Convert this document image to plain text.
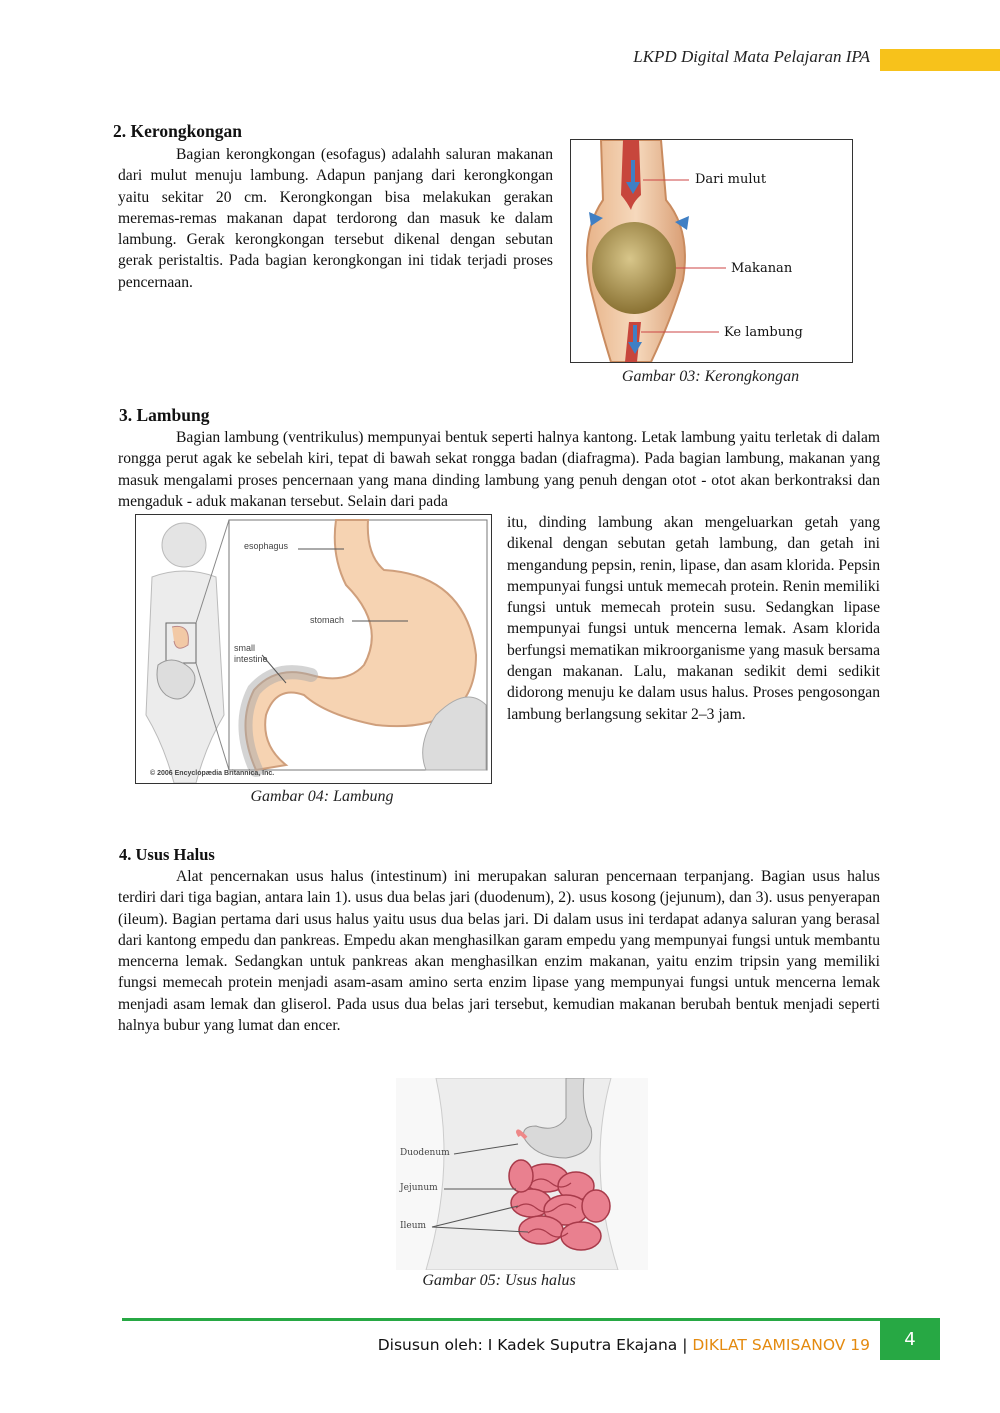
LKPD Digital Mata Pelajaran IPA
2. Kerongkongan

Bagian kerongkongan (esofagus) adalahh saluran makanan dari mulut menuju lambung. Adapun panjang dari kerongkongan yaitu sekitar 20 cm. Kerongkongan bisa melakukan gerakan meremas-remas makanan dapat terdorong dan masuk ke dalam lambung. Gerak kerongkongan tersebut dikenal dengan sebutan gerak peristaltis. Pada bagian kerongkongan ini tidak terjadi proses pencernaan.

Dari mulut
Makanan
Ke lambung
Gambar 03: Kerongkongan
3. Lambung

Bagian lambung (ventrikulus) mempunyai bentuk seperti halnya kantong. Letak lambung yaitu terletak di dalam rongga perut agak ke sebelah kiri, tepat di bawah sekat rongga badan (diafragma). Pada bagian lambung, makanan yang masuk mengalami proses pencernaan yang mana dinding lambung yang penuh dengan otot - otot akan berkontraksi dan mengaduk - aduk makanan tersebut. Selain dari pada

esophagus
stomach
small
intestine
© 2006 Encyclopædia Britannica, Inc.
Gambar 04: Lambung

itu, dinding lambung akan mengeluarkan getah yang dikenal dengan sebutan getah lambung, dan getah ini mengandung pepsin, renin, lipase, dan asam klorida. Pepsin mempunyai fungsi untuk memecah protein. Renin memiliki fungsi untuk memecah protein susu. Sedangkan lipase mempunyai fungsi untuk mencerna lemak. Asam klorida berfungsi mematikan mikroorganisme yang masuk bersama dengan makanan. Lalu, makanan sedikit demi sedikit didorong menuju ke dalam usus halus. Proses pengosongan lambung berlangsung sekitar 2–3 jam.

4. Usus Halus

Alat pencernakan usus halus (intestinum) ini merupakan saluran pencernaan terpanjang. Bagian usus halus terdiri dari tiga bagian, antara lain 1). usus dua belas jari (duodenum), 2). usus kosong (jejunum), dan 3). usus penyerapan (ileum). Bagian pertama dari usus halus yaitu usus dua belas jari. Di dalam usus ini terdapat adanya saluran yang berasal dari kantong empedu dan pankreas. Empedu akan menghasilkan garam empedu yang mempunyai fungsi untuk membantu mencerna lemak. Sedangkan untuk pankreas akan menghasilkan enzim makanan, yaitu enzim tripsin yang memiliki fungsi memecah protein menjadi asam-asam amino serta enzim lipase yang mempunyai fungsi untuk mencerna lemak menjadi asam lemak dan gliserol. Pada usus dua belas jari tersebut, kemudian makanan berubah bentuk menjadi seperti halnya bubur yang lumat dan encer.

Duodenum
Jejunum
Ileum
Gambar 05: Usus halus
Disusun oleh: I Kadek Suputra Ekajana | DIKLAT SAMISANOV 19	4
